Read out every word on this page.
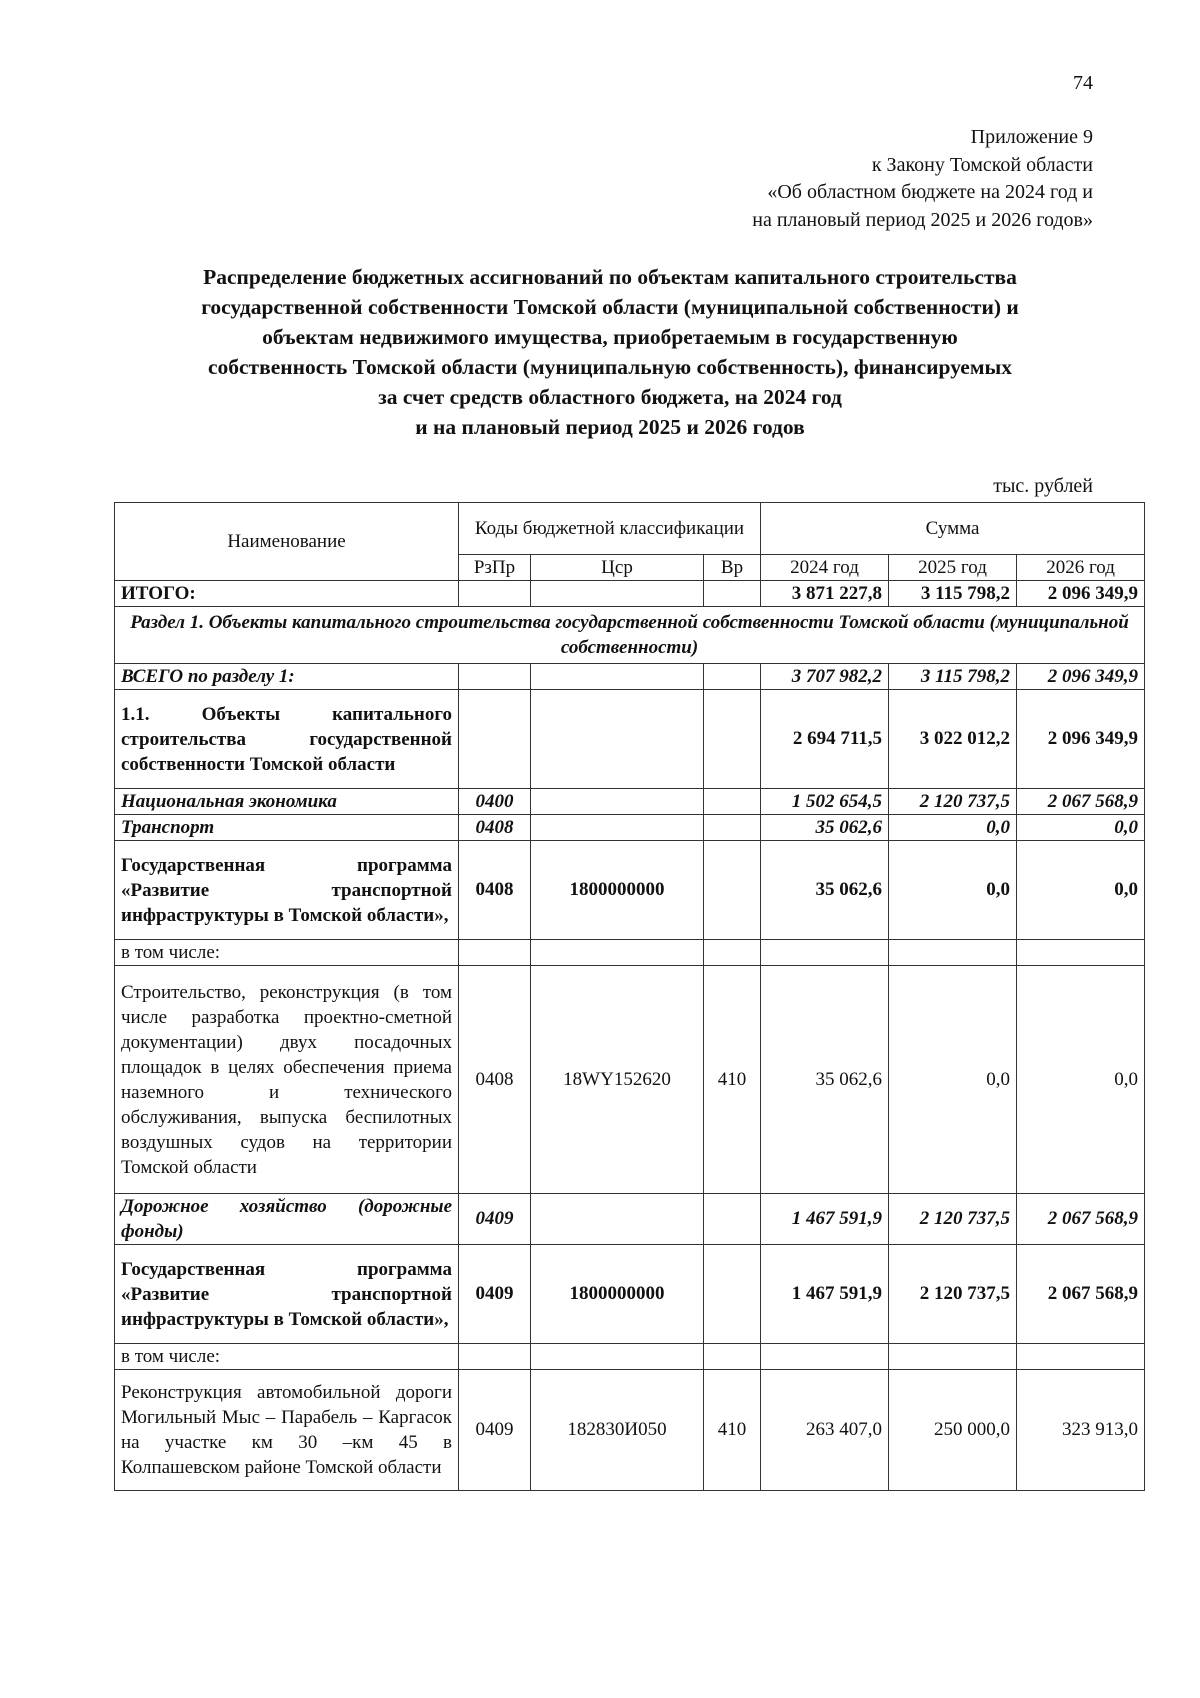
74
Приложение 9
к Закону Томской области
«Об областном бюджете на 2024 год и
на плановый период 2025 и 2026 годов»
Распределение бюджетных ассигнований по объектам капитального строительства
государственной собственности Томской области (муниципальной собственности) и
объектам недвижимого имущества, приобретаемым в государственную
собственность Томской области (муниципальную собственность), финансируемых
за счет средств областного бюджета, на 2024 год
и на плановый период 2025 и 2026 годов
тыс. рублей
Наименование	Коды бюджетной классификации			Сумма		
	РзПр	Цср	Вр	2024 год	2025 год	2026 год
ИТОГО:				3 871 227,8	3 115 798,2	2 096 349,9
Раздел 1. Объекты капитального строительства государственной собственности Томской области (муниципальной собственности)						
ВСЕГО по разделу 1:				3 707 982,2	3 115 798,2	2 096 349,9
1.1. Объекты капитального строительства государственной собственности Томской области				2 694 711,5	3 022 012,2	2 096 349,9
Национальная экономика	0400			1 502 654,5	2 120 737,5	2 067 568,9
Транспорт	0408			35 062,6	0,0	0,0
Государственная программа «Развитие транспортной инфраструктуры в Томской области»,	0408	1800000000		35 062,6	0,0	0,0
в том числе:						
Строительство, реконструкция (в том числе разработка проектно-сметной документации) двух посадочных площадок в целях обеспечения приема наземного и технического обслуживания, выпуска беспилотных воздушных судов на территории Томской области	0408	18WY152620	410	35 062,6	0,0	0,0
Дорожное хозяйство (дорожные фонды)	0409			1 467 591,9	2 120 737,5	2 067 568,9
Государственная программа «Развитие транспортной инфраструктуры в Томской области»,	0409	1800000000		1 467 591,9	2 120 737,5	2 067 568,9
в том числе:						
Реконструкция автомобильной дороги Могильный Мыс – Парабель – Каргасок на участке км 30 –км 45 в Колпашевском районе Томской области	0409	182830И050	410	263 407,0	250 000,0	323 913,0
